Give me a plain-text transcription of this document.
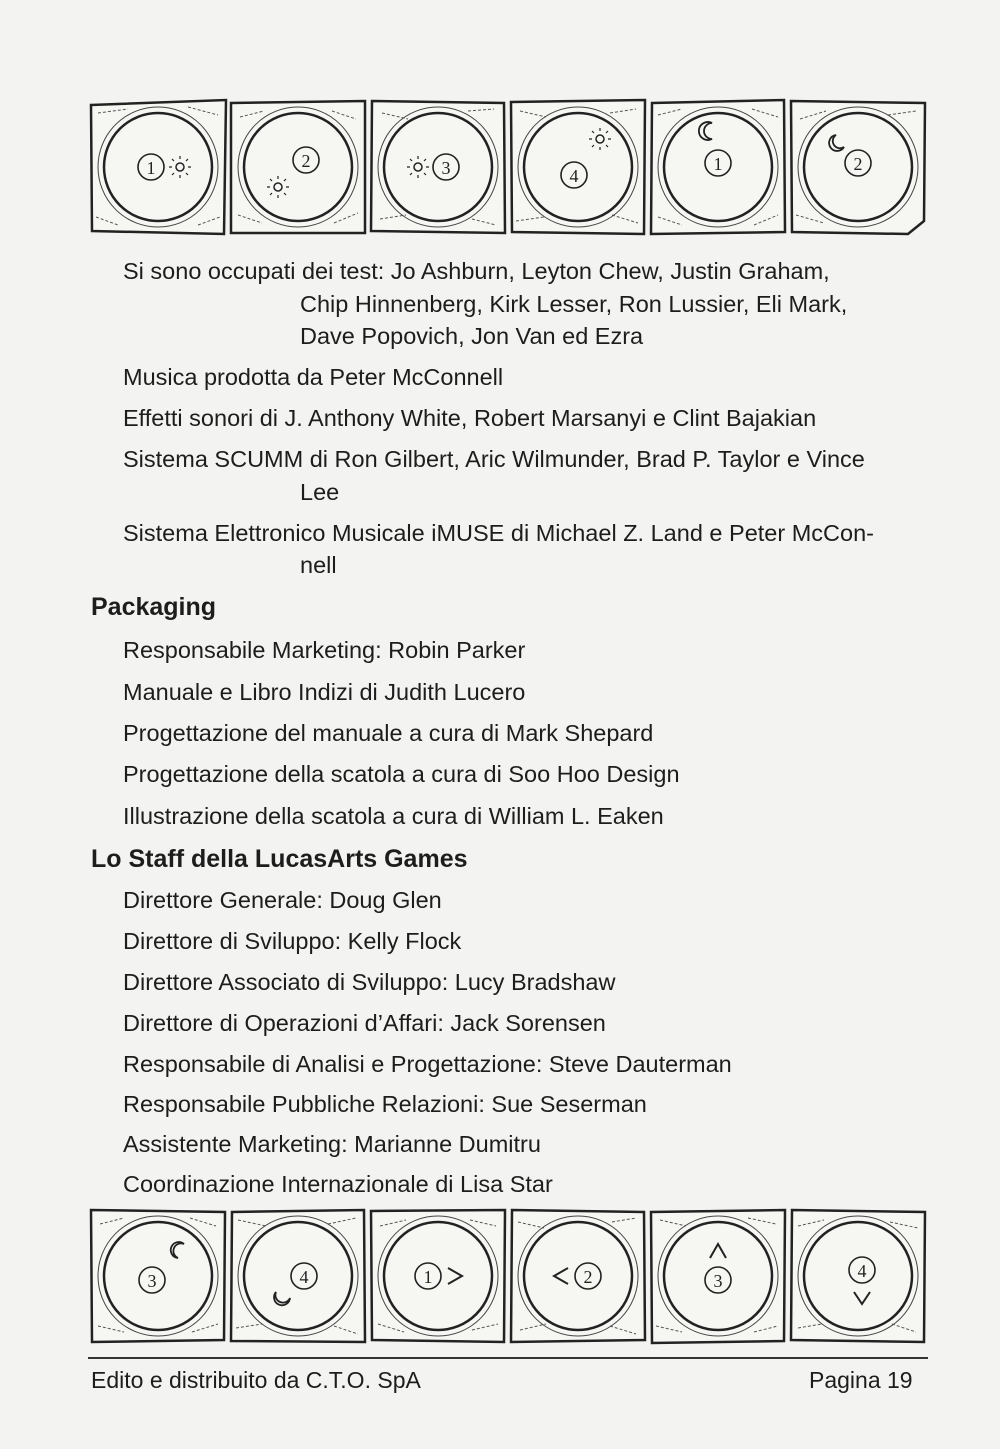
1	2	3	4
1	2
Si sono occupati dei test: Jo Ashburn, Leyton Chew, Justin Graham,
Chip Hinnenberg, Kirk Lesser, Ron Lussier, Eli Mark,
Dave Popovich, Jon Van ed Ezra
Musica prodotta da Peter McConnell
Effetti sonori di J. Anthony White, Robert Marsanyi e Clint Bajakian
Sistema SCUMM di Ron Gilbert, Aric Wilmunder, Brad P. Taylor e Vince
Lee
Sistema Elettronico Musicale iMUSE di Michael Z. Land e Peter McCon-
nell
Packaging
Responsabile Marketing: Robin Parker
Manuale e Libro Indizi di Judith Lucero
Progettazione del manuale a cura di Mark Shepard
Progettazione della scatola a cura di Soo Hoo Design
Illustrazione della scatola a cura di William L. Eaken
Lo Staff della LucasArts Games
Direttore Generale: Doug Glen
Direttore di Sviluppo: Kelly Flock
Direttore Associato di Sviluppo: Lucy Bradshaw
Direttore di Operazioni d’Affari: Jack Sorensen
Responsabile di Analisi e Progettazione: Steve Dauterman
Responsabile Pubbliche Relazioni: Sue Seserman
Assistente Marketing: Marianne Dumitru
Coordinazione Internazionale di Lisa Star
3	4	1	2	3	4
Edito e distribuito da C.T.O. SpA	Pagina 19
